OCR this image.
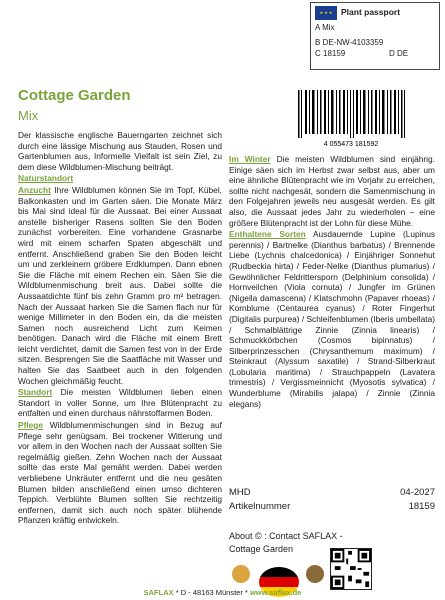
★ ★ ★	Plant passport
A Mix
B DE-NW-4103359
C 18159	D DE
4 055473 181592
Cottage Garden
Mix

Der klassische englische Bauerngarten zeichnet sich durch eine lässige Mischung aus Stauden, Rosen und Gartenblumen aus, Informelle Vielfalt ist sein Ziel, zu dem diese Wildblumen-Mischung beiträgt.

Naturstandort

Anzucht Ihre Wildblumen können Sie im Topf, Kübel, Balkonkasten und im Garten säen. Die Monate März bis Mai sind ideal für die Aussaat. Bei einer Aussaat anstelle bisheriger Rasens sollten Sie den Boden zunächst vorbereiten. Eine vorhandene Grasnarbe wird mit einem scharfen Spaten abgeschält und entfernt. Anschließend graben Sie den Boden leicht um und zerkleinern gröbere Erdklumpen. Dann ebnen Sie die Fläche mit einem Rechen ein. Säen Sie die Wildblumenmischung breit aus. Dabei sollte die Aussaatdichte fünf bis zehn Gramm pro m² betragen. Nach der Aussaat harken Sie die Samen flach nur für wenige Millimeter in den Boden ein, da die meisten Samen noch ausreichend Licht zum Keimen benötigen. Danach wird die Fläche mit einem Brett leicht verdichtet, damit die Samen fest von in der Erde sitzen. Besprengen Sie die Saatfläche mit Wasser und halten Sie das Saatbeet auch in den folgenden Wochen gleichmäßig feucht.

Standort Die meisten Wildblumen lieben einen Standort in voller Sonne, um Ihre Blütenpracht zu entfalten und einen durchaus nährstoffarmen Boden.

Pflege Wildblumenmischungen sind in Bezug auf Pflege sehr genügsam. Bei trockener Witterung und vor allem in den Wochen nach der Aussaat sollten Sie regelmäßig gießen. Zehn Wochen nach der Aussaat sollte das erste Mal gemäht werden. Dabei werden verbliebene Unkräuter entfernt und die neu gesäten Blumen bilden anschließend einen umso dichteren Teppich. Verblühte Blumen sollten Sie rechtzeitig entfernen, damit sich auch noch später blühende Pflanzen kräftig entwickeln.

Im Winter Die meisten Wildblumen sind einjährig. Einige säen sich im Herbst zwar selbst aus, aber um eine ähnliche Blütenpracht wie im Vorjahr zu erreichen, sollte nicht nachgesät, sondern die Samenmischung in den Folgejahren jeweils neu ausgesät werden. Es gilt also, die Aussaat jedes Jahr zu wiederholen – eine größere Blütenpracht ist der Lohn für diese Mühe.

Enthaltene Sorten Ausdauernde Lupine (Lupinus perennis) / Bartnelke (Dianthus barbatus) / Brennende Liebe (Lychnis chalcedonica) / Einjähriger Sonnehut (Rudbeckia hirta) / Feder-Nelke (Dianthus plumarius) / Gewöhnlicher Feldrittersporn (Delphinium consolida) / Hornveilchen (Viola cornuta) / Jungfer im Grünen (Nigella damascena) / Klatschmohn (Papaver rhoeas) / Kornblume (Centaurea cyanus) / Roter Fingerhut (Digitalis purpurea) / Schleifenblumen (Iberis umbellata) / Schmalblättrige Zinnie (Zinnia linearis) / Schmuckkörbchen (Cosmos bipinnatus) / Silberprinzesschen (Chrysanthemum maximum) / Steinkraut (Alyssum saxatile) / Strand-Silberkraut (Lobularia maritima) / Strauchpappeln (Lavatera trimestris) / Vergissmeinnicht (Myosotis sylvatica) / Wunderblume (Mirabilis jalapa) / Zinnie (Zinnia elegans)

MHD	04-2027
Artikelnummer	18159
About © : Contact SAFLAX -
Cottage Garden
SAFLAX * D - 48163 Münster * www.saflax.de
